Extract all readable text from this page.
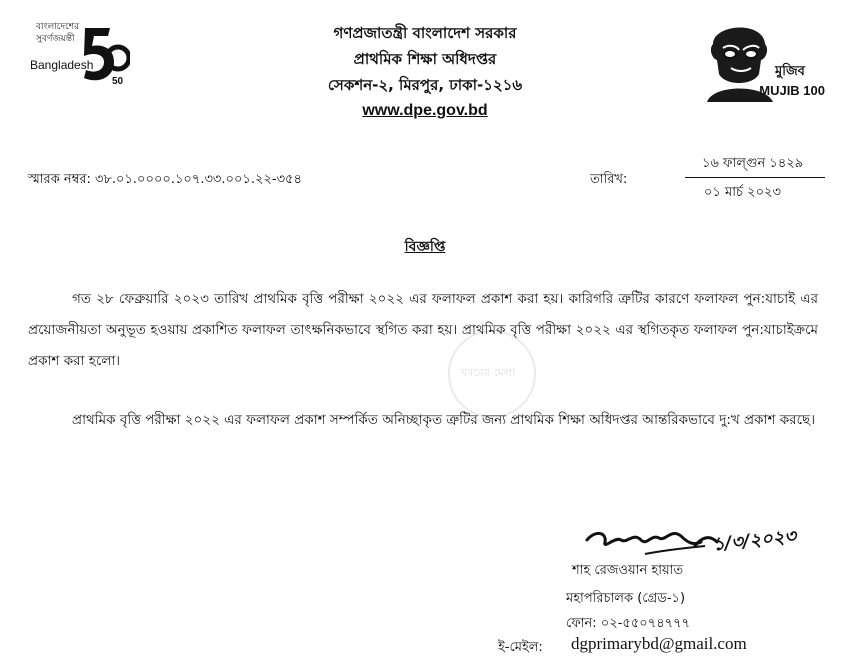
বাংলাদেশের
সুবর্ণজয়ন্তী
Bangladesh
50
মুজিব
MUJIB 100
গণপ্রজাতন্ত্রী বাংলাদেশ সরকার
প্রাথমিক শিক্ষা অধিদপ্তর
সেকশন-২, মিরপুর, ঢাকা-১২১৬
www.dpe.gov.bd
স্মারক নম্বর: ৩৮.০১.০০০০.১০৭.৩৩.০০১.২২-৩৫৪	তারিখ:
১৬ ফাল্গুন ১৪২৯
০১ মার্চ ২০২৩
বিজ্ঞপ্তি
খবরের মেলা
গত ২৮ ফেব্রুয়ারি ২০২৩ তারিখ প্রাথমিক বৃত্তি পরীক্ষা ২০২২ এর ফলাফল প্রকাশ করা হয়। কারিগরি ত্রুটির কারণে ফলাফল পুন:যাচাই এর প্রয়োজনীয়তা অনুভূত হওয়ায় প্রকাশিত ফলাফল তাৎক্ষনিকভাবে স্থগিত করা হয়। প্রাথমিক বৃত্তি পরীক্ষা ২০২২ এর স্থগিতকৃত ফলাফল পুন:যাচাইক্রমে প্রকাশ করা হলো।
প্রাথমিক বৃত্তি পরীক্ষা ২০২২ এর ফলাফল প্রকাশ সম্পর্কিত অনিচ্ছাকৃত ত্রুটির জন্য প্রাথমিক শিক্ষা অধিদপ্তর আন্তরিকভাবে দু:খ প্রকাশ করছে।
১/৩/২০২৩
শাহ রেজওয়ান হায়াত
মহাপরিচালক (গ্রেড-১)
ফোন: ০২-৫৫০৭৪৭৭৭
ই-মেইল: dgprimarybd@gmail.com
